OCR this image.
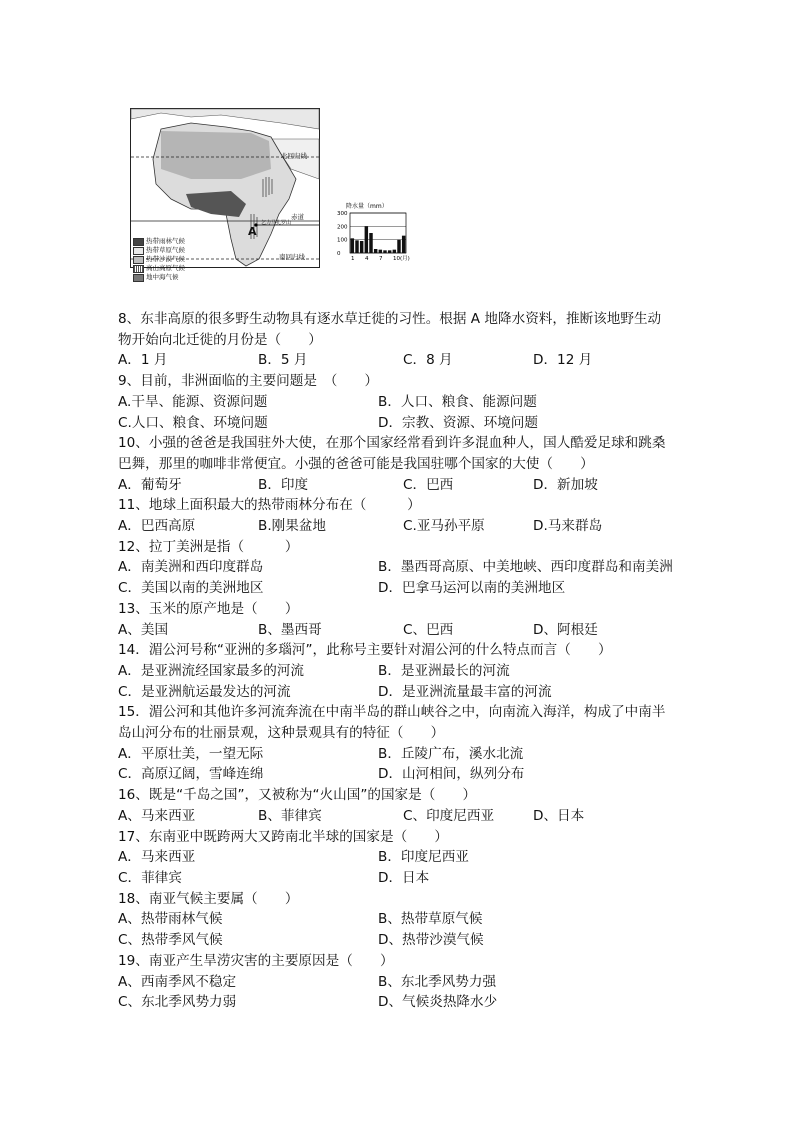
热带雨林气候
热带草原气候
热带沙漠气候
高山高原气候
地中海气候
北回归线
赤道
南回归线
A
乞力马扎罗山
降水量（mm）
300
200
100
0
1 4 7 10 (月)
8、东非高原的很多野生动物具有逐水草迁徙的习性。根据 A 地降水资料，推断该地野生动
物开始向北迁徙的月份是（　　）
A．1 月	B．5 月	C．8 月	D．12 月
9、目前，非洲面临的主要问题是　（　　）
A.干旱、能源、资源问题	B．人口、粮食、能源问题
C.人口、粮食、环境问题	D．宗教、资源、环境问题
10、小强的爸爸是我国驻外大使，在那个国家经常看到许多混血种人，国人酷爱足球和跳桑
巴舞，那里的咖啡非常便宜。小强的爸爸可能是我国驻哪个国家的大使（　　）
A．葡萄牙	B．印度	C．巴西	D．新加坡
11、地球上面积最大的热带雨林分布在（　　　）
A．巴西高原	B.刚果盆地	C.亚马孙平原	D.马来群岛
12、拉丁美洲是指（　　　）
A．南美洲和西印度群岛	B．墨西哥高原、中美地峡、西印度群岛和南美洲
C．美国以南的美洲地区	D．巴拿马运河以南的美洲地区
13、玉米的原产地是（　　）
A、美国	B、墨西哥	C、巴西	D、阿根廷
14．湄公河号称“亚洲的多瑙河”，此称号主要针对湄公河的什么特点而言（　　）
A．是亚洲流经国家最多的河流	B．是亚洲最长的河流
C．是亚洲航运最发达的河流	D．是亚洲流量最丰富的河流
15．湄公河和其他许多河流奔流在中南半岛的群山峡谷之中，向南流入海洋，构成了中南半
岛山河分布的壮丽景观，这种景观具有的特征（　　）
A．平原壮美，一望无际	B．丘陵广布，溪水北流
C．高原辽阔，雪峰连绵	D．山河相间，纵列分布
16、既是“千岛之国”，又被称为“火山国”的国家是（　　）
A、马来西亚	B、菲律宾	C、印度尼西亚	D、日本
17、东南亚中既跨两大又跨南北半球的国家是（　　）
A．马来西亚	B．印度尼西亚
C．菲律宾	D．日本
18、南亚气候主要属（　　）
A、热带雨林气候	B、热带草原气候
C、热带季风气候	D、热带沙漠气候
19、南亚产生旱涝灾害的主要原因是（　　）
A、西南季风不稳定	B、东北季风势力强
C、东北季风势力弱	D、气候炎热降水少
